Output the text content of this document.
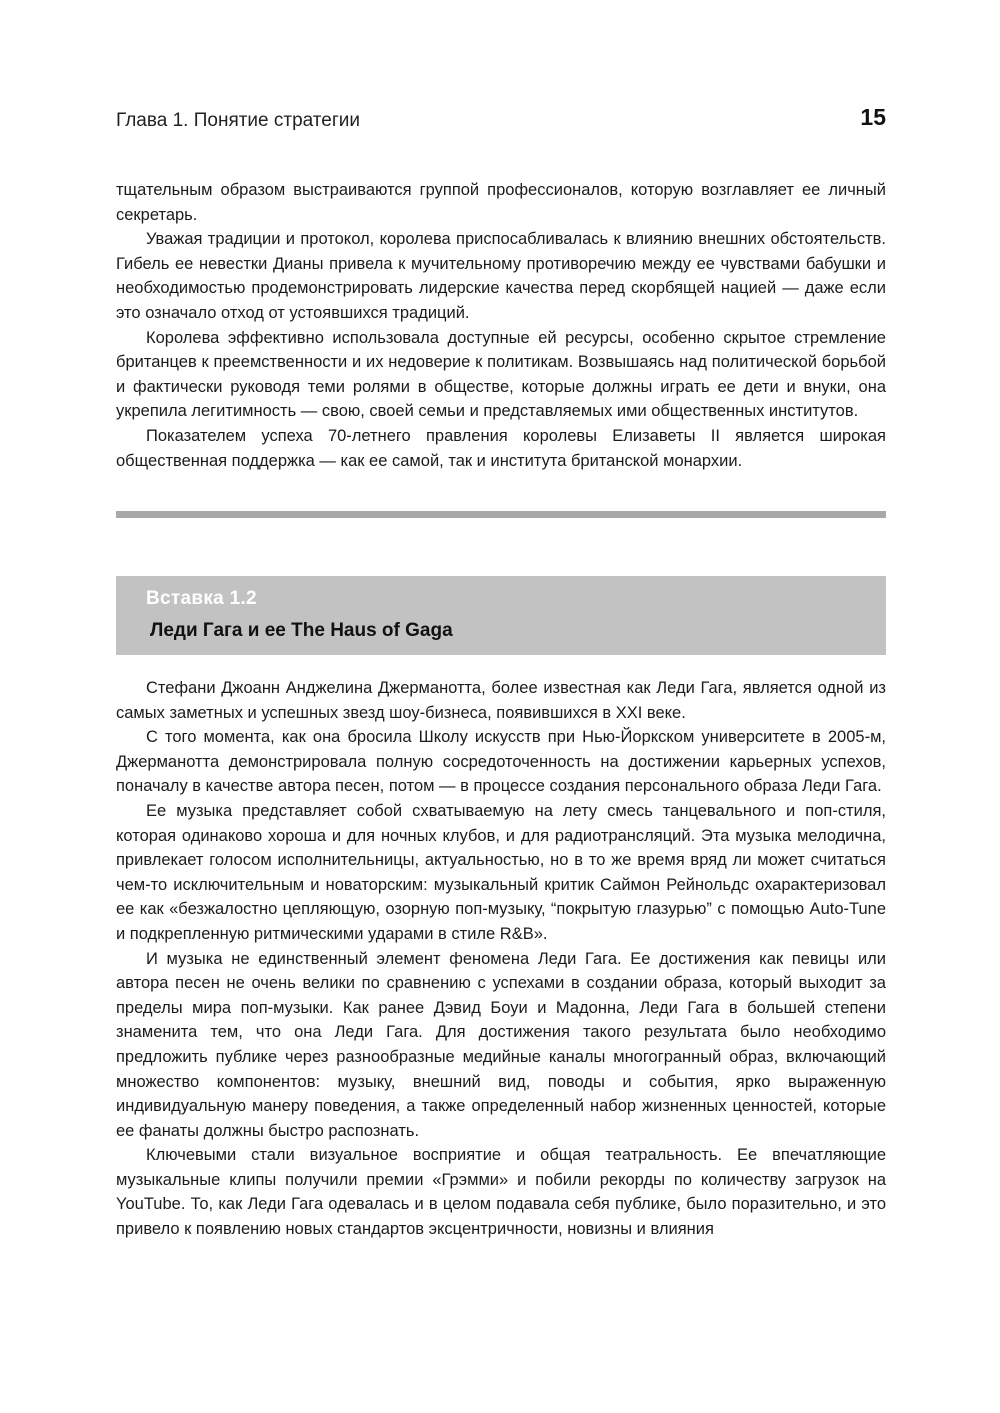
Глава 1. Понятие стратегии	15

тщательным образом выстраиваются группой профессионалов, которую возглавляет ее личный секретарь.

Уважая традиции и протокол, королева приспосабливалась к влиянию внешних обстоятельств. Гибель ее невестки Дианы привела к мучительному противоречию между ее чувствами бабушки и необходимостью продемонстрировать лидерские качества перед скорбящей нацией — даже если это означало отход от устоявшихся традиций.

Королева эффективно использовала доступные ей ресурсы, особенно скрытое стремление британцев к преемственности и их недоверие к политикам. Возвышаясь над политической борьбой и фактически руководя теми ролями в обществе, которые должны играть ее дети и внуки, она укрепила легитимность — свою, своей семьи и представляемых ими общественных институтов.

Показателем успеха 70-летнего правления королевы Елизаветы II является широкая общественная поддержка — как ее самой, так и института британской монархии.

Вставка 1.2
Леди Гага и ее The Haus of Gaga

Стефани Джоанн Анджелина Джерманотта, более известная как Леди Гага, является одной из самых заметных и успешных звезд шоу-бизнеса, появившихся в XXI веке.

С того момента, как она бросила Школу искусств при Нью-Йоркском университете в 2005-м, Джерманотта демонстрировала полную сосредоточенность на достижении карьерных успехов, поначалу в качестве автора песен, потом — в процессе создания персонального образа Леди Гага.

Ее музыка представляет собой схватываемую на лету смесь танцевального и поп-стиля, которая одинаково хороша и для ночных клубов, и для радиотрансляций. Эта музыка мелодична, привлекает голосом исполнительницы, актуальностью, но в то же время вряд ли может считаться чем-то исключительным и новаторским: музыкальный критик Саймон Рейнольдс охарактеризовал ее как «безжалостно цепляющую, озорную поп-музыку, “покрытую глазурью” с помощью Auto-Tune и подкрепленную ритмическими ударами в стиле R&B».

И музыка не единственный элемент феномена Леди Гага. Ее достижения как певицы или автора песен не очень велики по сравнению с успехами в создании образа, который выходит за пределы мира поп-музыки. Как ранее Дэвид Боуи и Мадонна, Леди Гага в большей степени знаменита тем, что она Леди Гага. Для достижения такого результата было необходимо предложить публике через разнообразные медийные каналы многогранный образ, включающий множество компонентов: музыку, внешний вид, поводы и события, ярко выраженную индивидуальную манеру поведения, а также определенный набор жизненных ценностей, которые ее фанаты должны быстро распознать.

Ключевыми стали визуальное восприятие и общая театральность. Ее впечатляющие музыкальные клипы получили премии «Грэмми» и побили рекорды по количеству загрузок на YouTube. То, как Леди Гага одевалась и в целом подавала себя публике, было поразительно, и это привело к появлению новых стандартов эксцентричности, новизны и влияния
